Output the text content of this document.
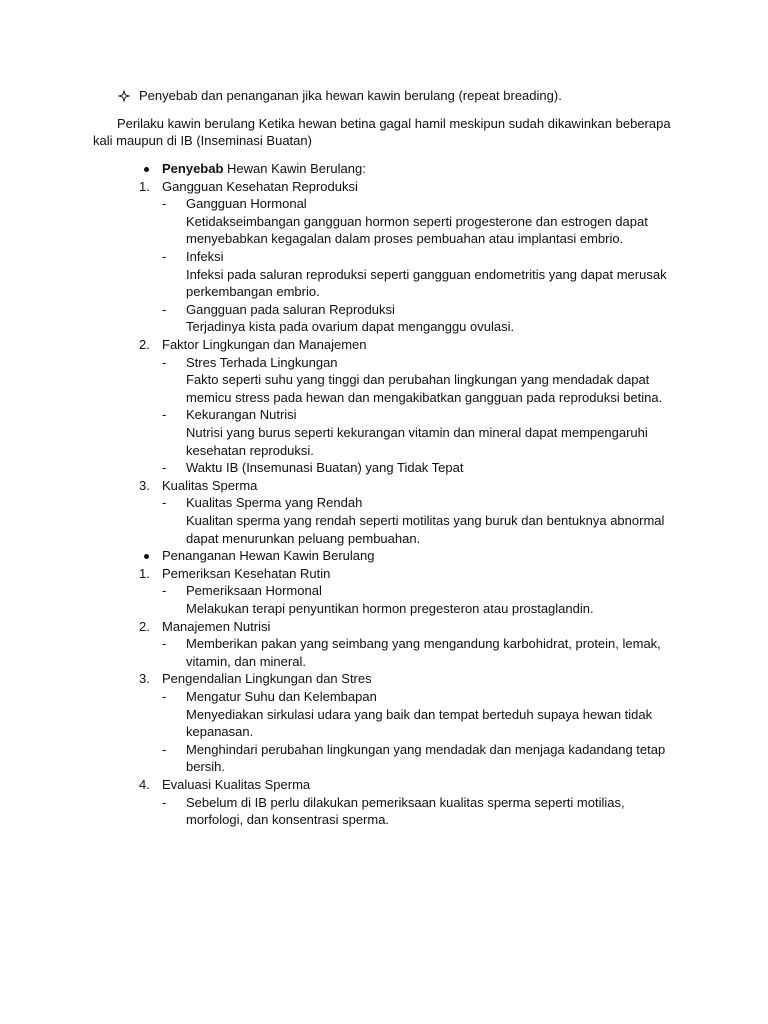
Penyebab dan penanganan jika hewan kawin berulang (repeat breading).
Perilaku kawin berulang Ketika hewan betina gagal hamil meskipun sudah dikawinkan beberapa
kali maupun di IB (Inseminasi Buatan)
Penyebab Hewan Kawin Berulang:
1. Gangguan Kesehatan Reproduksi
- Gangguan Hormonal
Ketidakseimbangan gangguan hormon seperti progesterone dan estrogen dapat
menyebabkan kegagalan dalam proses pembuahan atau implantasi embrio.
- Infeksi
Infeksi pada saluran reproduksi seperti gangguan endometritis yang dapat merusak
perkembangan embrio.
- Gangguan pada saluran Reproduksi
Terjadinya kista pada ovarium dapat menganggu ovulasi.
2. Faktor Lingkungan dan Manajemen
- Stres Terhada Lingkungan
Fakto seperti suhu yang tinggi dan perubahan lingkungan yang mendadak dapat
memicu stress pada hewan dan mengakibatkan gangguan pada reproduksi betina.
- Kekurangan Nutrisi
Nutrisi yang burus seperti kekurangan vitamin dan mineral dapat mempengaruhi
kesehatan reproduksi.
- Waktu IB (Insemunasi Buatan) yang Tidak Tepat
3. Kualitas Sperma
- Kualitas Sperma yang Rendah
Kualitan sperma yang rendah seperti motilitas yang buruk dan bentuknya abnormal
dapat menurunkan peluang pembuahan.
Penanganan Hewan Kawin Berulang
1. Pemeriksan Kesehatan Rutin
- Pemeriksaan Hormonal
Melakukan terapi penyuntikan hormon pregesteron atau prostaglandin.
2. Manajemen Nutrisi
- Memberikan pakan yang seimbang yang mengandung karbohidrat, protein, lemak,
vitamin, dan mineral.
3. Pengendalian Lingkungan dan Stres
- Mengatur Suhu dan Kelembapan
Menyediakan sirkulasi udara yang baik dan tempat berteduh supaya hewan tidak
kepanasan.
- Menghindari perubahan lingkungan yang mendadak dan menjaga kadandang tetap
bersih.
4. Evaluasi Kualitas Sperma
- Sebelum di IB perlu dilakukan pemeriksaan kualitas sperma seperti motilias,
morfologi, dan konsentrasi sperma.
